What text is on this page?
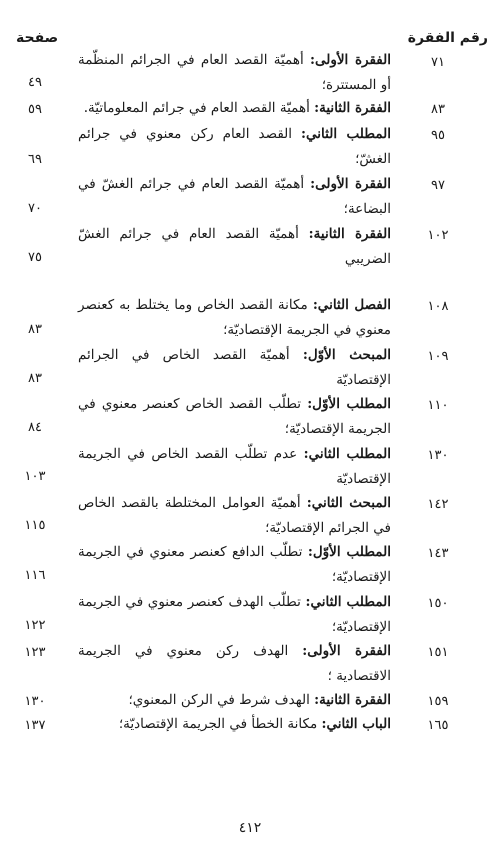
رقم الفقرة
صفحة
٧١
الفقرة الأولى: أهميّة القصد العام في الجرائم المنظّمة أو المستترة؛
٤٩
٨٣
الفقرة الثانية: أهميّة القصد العام في جرائم المعلوماتيّة.
٥٩
٩٥
المطلب الثاني: القصد العام ركن معنوي في جرائم الغشّ؛
٦٩
٩٧
الفقرة الأولى: أهميّة القصد العام في جرائم الغشّ في البضاعة؛
٧٠
١٠٢
الفقرة الثانية: أهميّة القصد العام في جرائم الغشّ الضريبي
٧٥
١٠٨
الفصل الثاني: مكانة القصد الخاص وما يختلط به كعنصر معنوي في الجريمة الإقتصاديّة؛
٨٣
١٠٩
المبحث الأوّل: أهميّة القصد الخاص في الجرائم الإقتصاديّة
٨٣
١١٠
المطلب الأوّل: تطلّب القصد الخاص كعنصر معنوي في الجريمة الإقتصاديّة؛
٨٤
١٣٠
المطلب الثاني: عدم تطلّب القصد الخاص في الجريمة الإقتصاديّة
١٠٣
١٤٢
المبحث الثاني: أهميّة العوامل المختلطة بالقصد الخاص في الجرائم الإقتصاديّة؛
١١٥
١٤٣
المطلب الأوّل: تطلّب الدافع كعنصر معنوي في الجريمة الإقتصاديّة؛
١١٦
١٥٠
المطلب الثاني: تطلّب الهدف كعنصر معنوي في الجريمة الإقتصاديّة؛
١٢٢
١٥١
الفقرة الأولى: الهدف ركن معنوي في الجريمة الاقتصادية ؛
١٢٣
١٥٩
الفقرة الثانية: الهدف شرط في الركن المعنوي؛
١٣٠
١٦٥
الباب الثاني: مكانة الخطأ في الجريمة الإقتصاديّة؛
١٣٧
٤١٢
